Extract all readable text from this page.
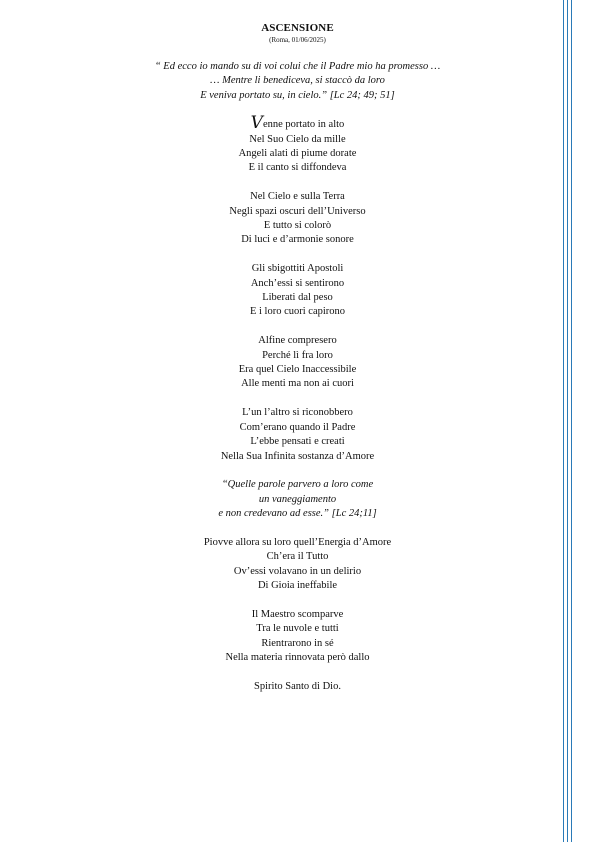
ASCENSIONE
(Roma, 01/06/2025)
“ Ed ecco io mando su di voi colui che il Padre mio ha promesso …
… Mentre li benediceva, si staccò da loro
E veniva portato su, in cielo.” [Lc 24; 49; 51]
Venne portato in alto
Nel Suo Cielo da mille
Angeli alati di piume dorate
E il canto si diffondeva
Nel Cielo e sulla Terra
Negli spazi oscuri dell’Universo
E tutto si colorò
Di luci e d’armonie sonore
Gli sbigottiti Apostoli
Anch’essi si sentirono
Liberati dal peso
E i loro cuori capirono
Alfine compresero
Perché lì fra loro
Era quel Cielo Inaccessibile
Alle menti ma non ai cuori
L’un l’altro si riconobbero
Com’erano quando il Padre
L’ebbe pensati e creati
Nella Sua Infinita sostanza d’Amore
“Quelle parole parvero a loro come
un vaneggiamento
e non credevano ad esse.” [Lc 24;11]
Piovve allora su loro quell’Energia d’Amore
Ch’era il Tutto
Ov’essi volavano in un delirio
Di Gioia ineffabile
Il Maestro scomparve
Tra le nuvole e tutti
Rientrarono in sé
Nella materia rinnovata però dallo
Spirito Santo di Dio.
